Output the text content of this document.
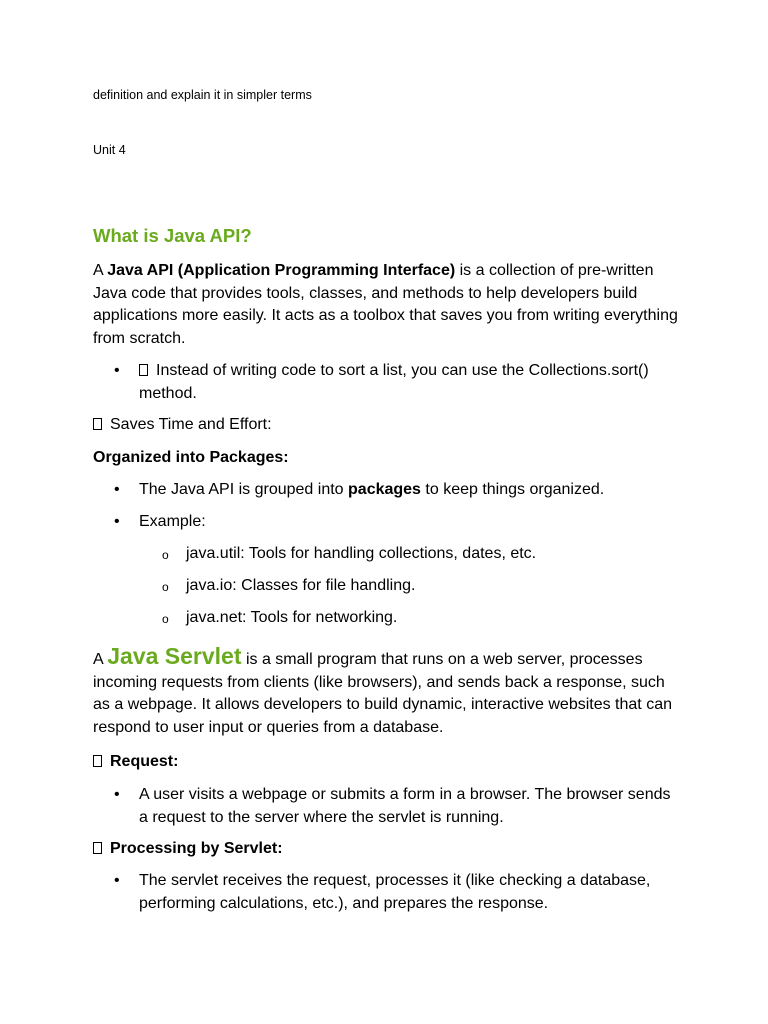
definition and explain it in simpler terms
Unit 4
What is Java API?
A Java API (Application Programming Interface) is a collection of pre-written Java code that provides tools, classes, and methods to help developers build applications more easily. It acts as a toolbox that saves you from writing everything from scratch.
•	Instead of writing code to sort a list, you can use the Collections.sort() method.
Saves Time and Effort:
Organized into Packages:
• The Java API is grouped into packages to keep things organized.
• Example:
o java.util: Tools for handling collections, dates, etc.
o java.io: Classes for file handling.
o java.net: Tools for networking.
A Java Servlet is a small program that runs on a web server, processes incoming requests from clients (like browsers), and sends back a response, such as a webpage. It allows developers to build dynamic, interactive websites that can respond to user input or queries from a database.
Request:
• A user visits a webpage or submits a form in a browser. The browser sends a request to the server where the servlet is running.
Processing by Servlet:
• The servlet receives the request, processes it (like checking a database, performing calculations, etc.), and prepares the response.
